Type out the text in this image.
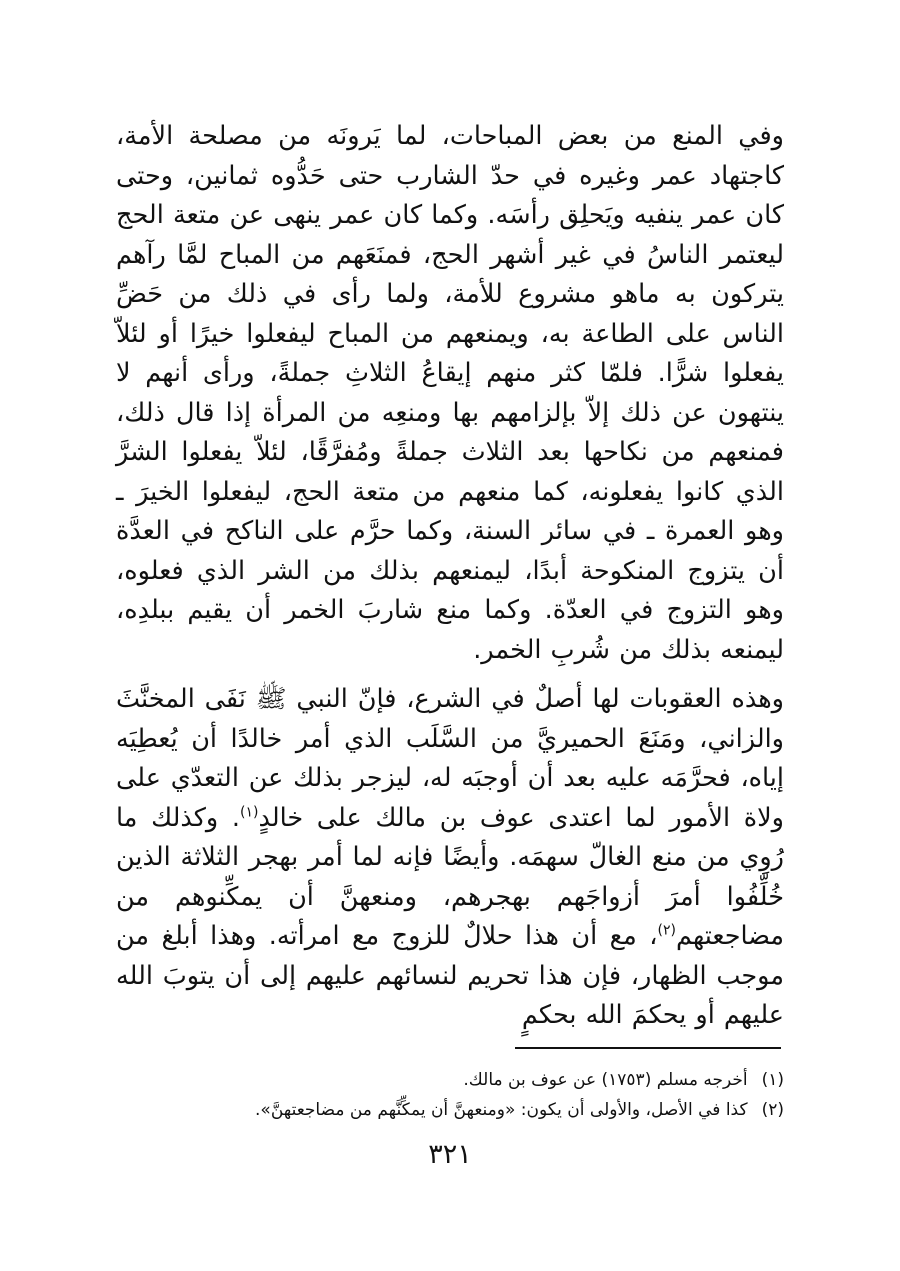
وفي المنع من بعض المباحات، لما يَرونَه من مصلحة الأمة، كاجتهاد عمر وغيره في حدّ الشارب حتى حَدُّوه ثمانين، وحتى كان عمر ينفيه ويَحلِق رأسَه. وكما كان عمر ينهى عن متعة الحج ليعتمر الناسُ في غير أشهر الحج، فمنَعَهم من المباح لمَّا رآهم يتركون به ماهو مشروع للأمة، ولما رأى في ذلك من حَضِّ الناس على الطاعة به، ويمنعهم من المباح ليفعلوا خيرًا أو لئلاّ يفعلوا شرًّا. فلمّا كثر منهم إيقاعُ الثلاثِ جملةً، ورأى أنهم لا ينتهون عن ذلك إلاّ بإلزامهم بها ومنعِه من المرأة إذا قال ذلك، فمنعهم من نكاحها بعد الثلاث جملةً ومُفرَّقًا، لئلاّ يفعلوا الشرَّ الذي كانوا يفعلونه، كما منعهم من متعة الحج، ليفعلوا الخيرَ ـ وهو العمرة ـ في سائر السنة، وكما حرَّم على الناكح في العدَّة أن يتزوج المنكوحة أبدًا، ليمنعهم بذلك من الشر الذي فعلوه، وهو التزوج في العدّة. وكما منع شاربَ الخمر أن يقيم ببلدِه، ليمنعه بذلك من شُربِ الخمر.

وهذه العقوبات لها أصلٌ في الشرع، فإنّ النبي ﷺ نَفَى المخنَّثَ والزاني، ومَنَعَ الحميريَّ من السَّلَب الذي أمر خالدًا أن يُعطِيَه إياه، فحرَّمَه عليه بعد أن أوجبَه له، ليزجر بذلك عن التعدّي على ولاة الأمور لما اعتدى عوف بن مالك على خالدٍ$^{(١)}$. وكذلك ما رُوِي من منع الغالّ سهمَه. وأيضًا فإنه لما أمر بهجر الثلاثة الذين خُلِّفُوا أمرَ أزواجَهم بهجرهم، ومنعهنَّ أن يمكِّنوهم من مضاجعتهم$^{(٢)}$، مع أن هذا حلالٌ للزوج مع امرأته. وهذا أبلغ من موجب الظهار، فإن هذا تحريم لنسائهم عليهم إلى أن يتوبَ الله عليهم أو يحكمَ الله بحكمٍ

(١)أخرجه مسلم (١٧٥٣) عن عوف بن مالك.

(٢)كذا في الأصل، والأولى أن يكون: «ومنعهنَّ أن يمكِّنَّهم من مضاجعتهنَّ».

٣٢١
